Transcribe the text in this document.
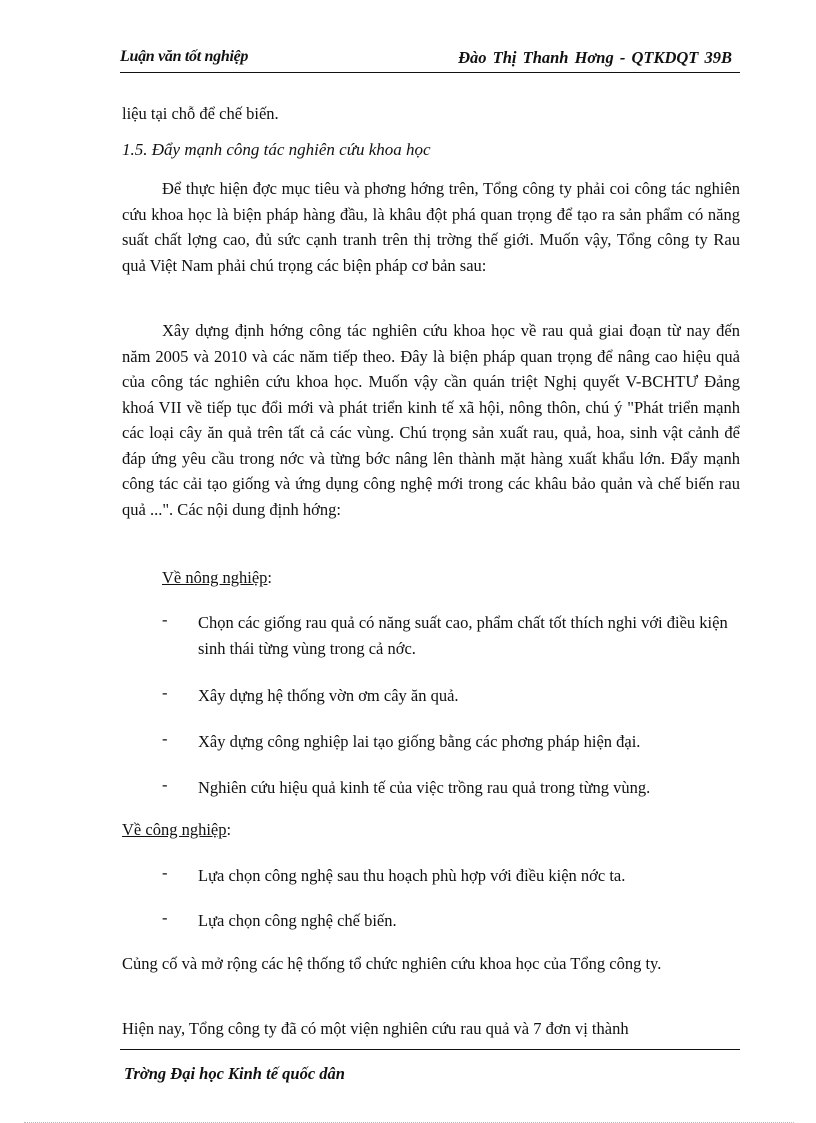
Luận văn tốt nghiệp	Đào Thị Thanh Hơng - QTKDQT 39B

liệu tại chỗ để chế biến.

1.5. Đẩy mạnh công tác nghiên cứu khoa học

Để thực hiện đợc mục tiêu và phơng hớng trên, Tổng công ty phải coi công tác nghiên cứu khoa học là biện pháp hàng đầu, là khâu đột phá quan trọng để tạo ra sản phẩm có năng suất chất lợng cao, đủ sức cạnh tranh trên thị trờng thế giới. Muốn vậy, Tổng công ty Rau quả Việt Nam phải chú trọng các biện pháp cơ bản sau:

Xây dựng định hớng công tác nghiên cứu khoa học về rau quả giai đoạn từ nay đến năm 2005 và 2010 và các năm tiếp theo. Đây là biện pháp quan trọng để nâng cao hiệu quả của công tác nghiên cứu khoa học. Muốn vậy cần quán triệt Nghị quyết V-BCHTƯ Đảng khoá VII về tiếp tục đổi mới và phát triển kinh tế xã hội, nông thôn, chú ý "Phát triển mạnh các loại cây ăn quả trên tất cả các vùng. Chú trọng sản xuất rau, quả, hoa, sinh vật cảnh để đáp ứng yêu cầu trong nớc và từng bớc nâng lên thành mặt hàng xuất khẩu lớn. Đẩy mạnh công tác cải tạo giống và ứng dụng công nghệ mới trong các khâu bảo quản và chế biến rau quả ...". Các nội dung định hớng:

Về nông nghiệp:
- Chọn các giống rau quả có năng suất cao, phẩm chất tốt thích nghi với điều kiện sinh thái từng vùng trong cả nớc.
- Xây dựng hệ thống vờn ơm cây ăn quả.
- Xây dựng công nghiệp lai tạo giống bằng các phơng pháp hiện đại.
- Nghiên cứu hiệu quả kinh tế của việc trồng rau quả trong từng vùng.
Về công nghiệp:
- Lựa chọn công nghệ sau thu hoạch phù hợp với điều kiện nớc ta.
- Lựa chọn công nghệ chế biến.

Củng cố và mở rộng các hệ thống tổ chức nghiên cứu khoa học của Tổng công ty.

Hiện nay, Tổng công ty đã có một viện nghiên cứu rau quả và 7 đơn vị thành

Trờng Đại học Kinh tế quốc dân
